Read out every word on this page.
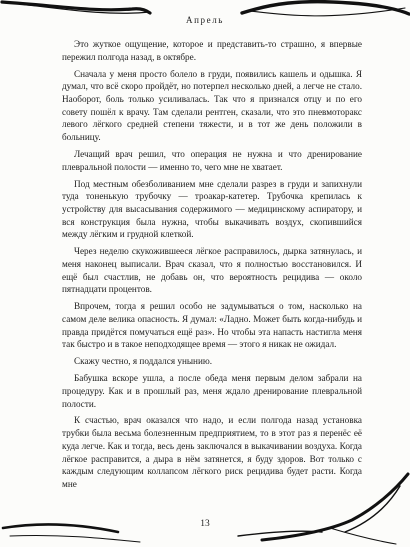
Апрель

Это жуткое ощущение, которое и представить-то страшно, я впервые пережил полгода назад, в октябре.

Сначала у меня просто болело в груди, появились кашель и одышка. Я думал, что всё скоро пройдёт, но потерпел несколько дней, а легче не стало. Наоборот, боль только усиливалась. Так что я признался отцу и по его совету пошёл к врачу. Там сделали рентген, сказали, что это пневмоторакс левого лёгкого средней степени тяжести, и в тот же день положили в больницу.

Лечащий врач решил, что операция не нужна и что дренирование плевральной полости — именно то, чего мне не хватает.

Под местным обезболиванием мне сделали разрез в груди и запихнули туда тоненькую трубочку — троакар-катетер. Трубочка крепилась к устройству для высасывания содержимого — медицинскому аспиратору, и вся конструкция была нужна, чтобы выкачивать воздух, скопившийся между лёгким и грудной клеткой.

Через неделю скукожившееся лёгкое расправилось, дырка затянулась, и меня наконец выписали. Врач сказал, что я полностью восстановился. И ещё был счастлив, не добавь он, что вероятность рецидива — около пятнадцати процентов.

Впрочем, тогда я решил особо не задумываться о том, насколько на самом деле велика опасность. Я думал: «Ладно. Может быть когда-нибудь и правда придётся помучаться ещё раз». Но чтобы эта напасть настигла меня так быстро и в такое неподходящее время — этого я никак не ожидал.

Скажу честно, я поддался унынию.

Бабушка вскоре ушла, а после обеда меня первым делом забрали на процедуру. Как и в прошлый раз, меня ждало дренирование плевральной полости.

К счастью, врач оказался что надо, и если полгода назад установка трубки была весьма болезненным предприятием, то в этот раз я перенёс её куда легче. Как и тогда, весь день заключался в выкачивании воздуха. Когда лёгкое расправится, а дыра в нём затянется, я буду здоров. Вот только с каждым следующим коллапсом лёгкого риск рецидива будет расти. Когда мне

13
